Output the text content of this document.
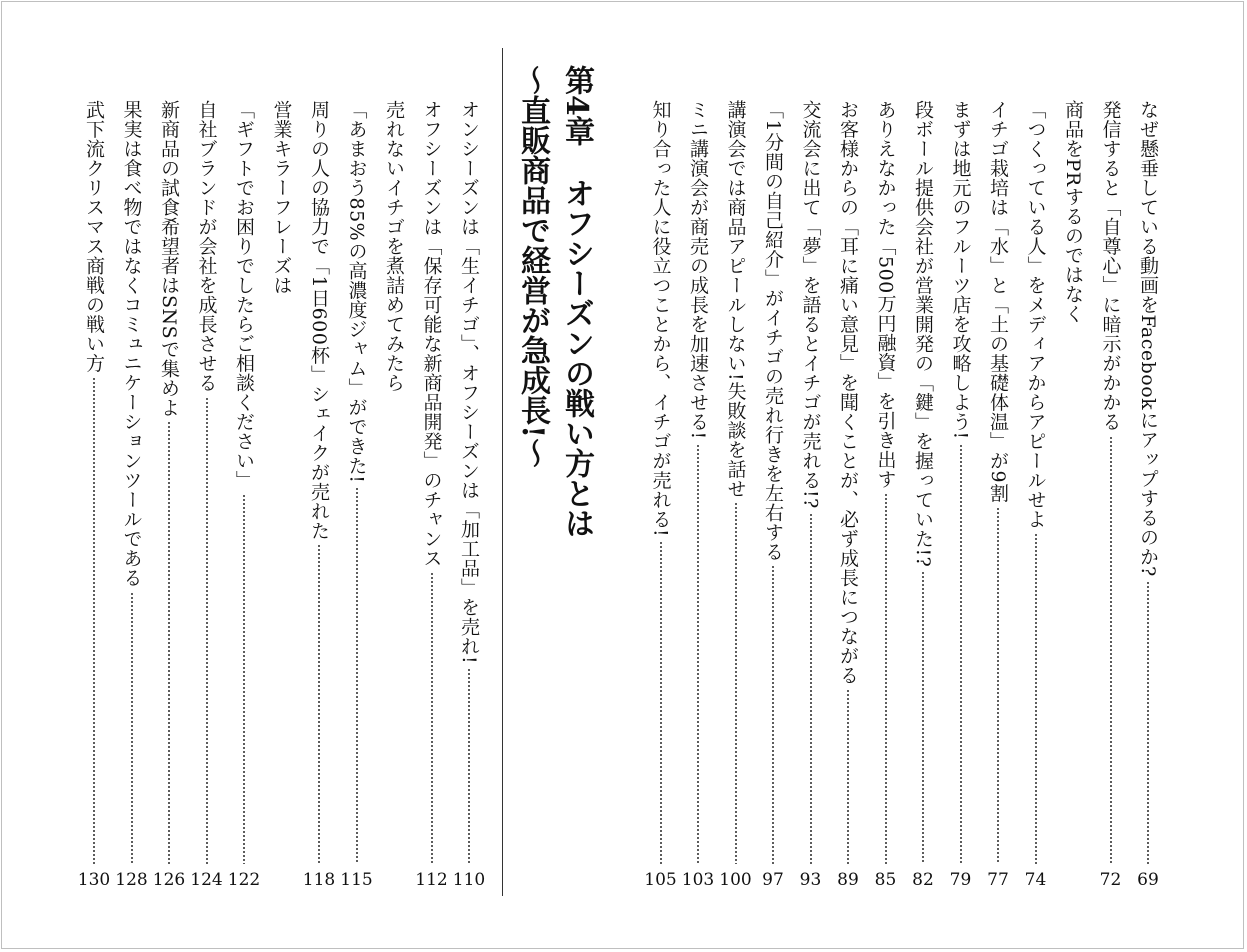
なぜ懸垂している動画をFacebookにアップするのか?
69
発信すると「自尊心」に暗示がかかる
72
商品をPRするのではなく
「つくっている人」をメディアからアピールせよ
74
イチゴ栽培は「水」と「土の基礎体温」が9割
77
まずは地元のフルーツ店を攻略しよう!
79
段ボール提供会社が営業開発の「鍵」を握っていた!?
82
ありえなかった「500万円融資」を引き出す
85
お客様からの「耳に痛い意見」を聞くことが、必ず成長につながる
89
交流会に出て「夢」を語るとイチゴが売れる!?
93
「1分間の自己紹介」がイチゴの売れ行きを左右する
97
講演会では商品アピールしない!失敗談を話せ
100
ミニ講演会が商売の成長を加速させる!
103
知り合った人に役立つことから、イチゴが売れる!
105
第4章 オフシーズンの戦い方とは
〜直販商品で経営が急成長!〜
オンシーズンは「生イチゴ」、オフシーズンは「加工品」を売れ!
110
オフシーズンは「保存可能な新商品開発」のチャンス
112
売れないイチゴを煮詰めてみたら
「あまおう85%の高濃度ジャム」ができた!
115
周りの人の協力で「1日600杯」シェイクが売れた
118
営業キラーフレーズは
「ギフトでお困りでしたらご相談ください」
122
自社ブランドが会社を成長させる
124
新商品の試食希望者はSNSで集めよ
126
果実は食べ物ではなくコミュニケーションツールである
128
武下流クリスマス商戦の戦い方
130
